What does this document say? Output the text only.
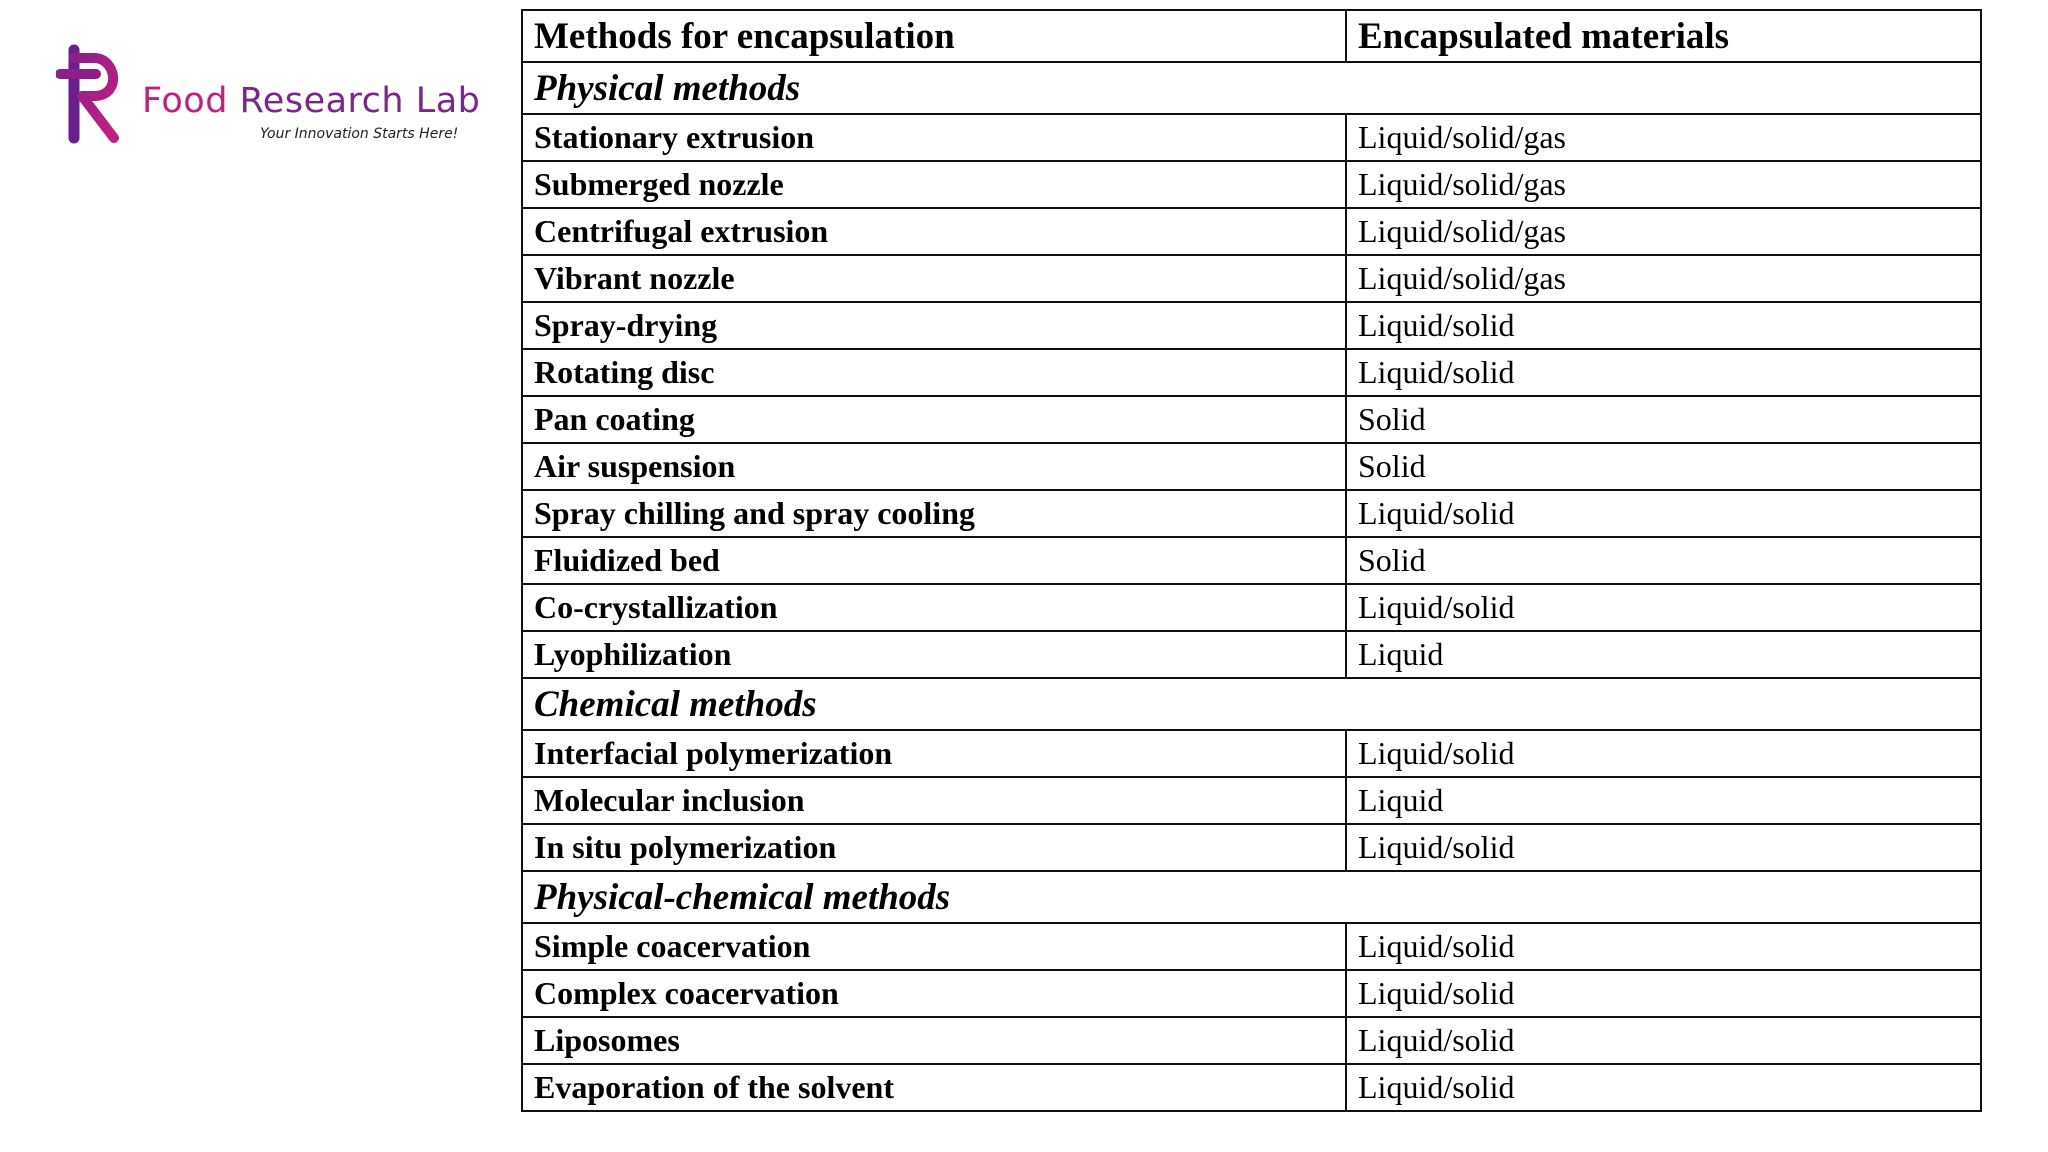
Food Research Lab
Your Innovation Starts Here!
Methods for encapsulation	Encapsulated materials
Physical methods	
Stationary extrusion	Liquid/solid/gas
Submerged nozzle	Liquid/solid/gas
Centrifugal extrusion	Liquid/solid/gas
Vibrant nozzle	Liquid/solid/gas
Spray-drying	Liquid/solid
Rotating disc	Liquid/solid
Pan coating	Solid
Air suspension	Solid
Spray chilling and spray cooling	Liquid/solid
Fluidized bed	Solid
Co-crystallization	Liquid/solid
Lyophilization	Liquid
Chemical methods	
Interfacial polymerization	Liquid/solid
Molecular inclusion	Liquid
In situ polymerization	Liquid/solid
Physical-chemical methods	
Simple coacervation	Liquid/solid
Complex coacervation	Liquid/solid
Liposomes	Liquid/solid
Evaporation of the solvent	Liquid/solid
